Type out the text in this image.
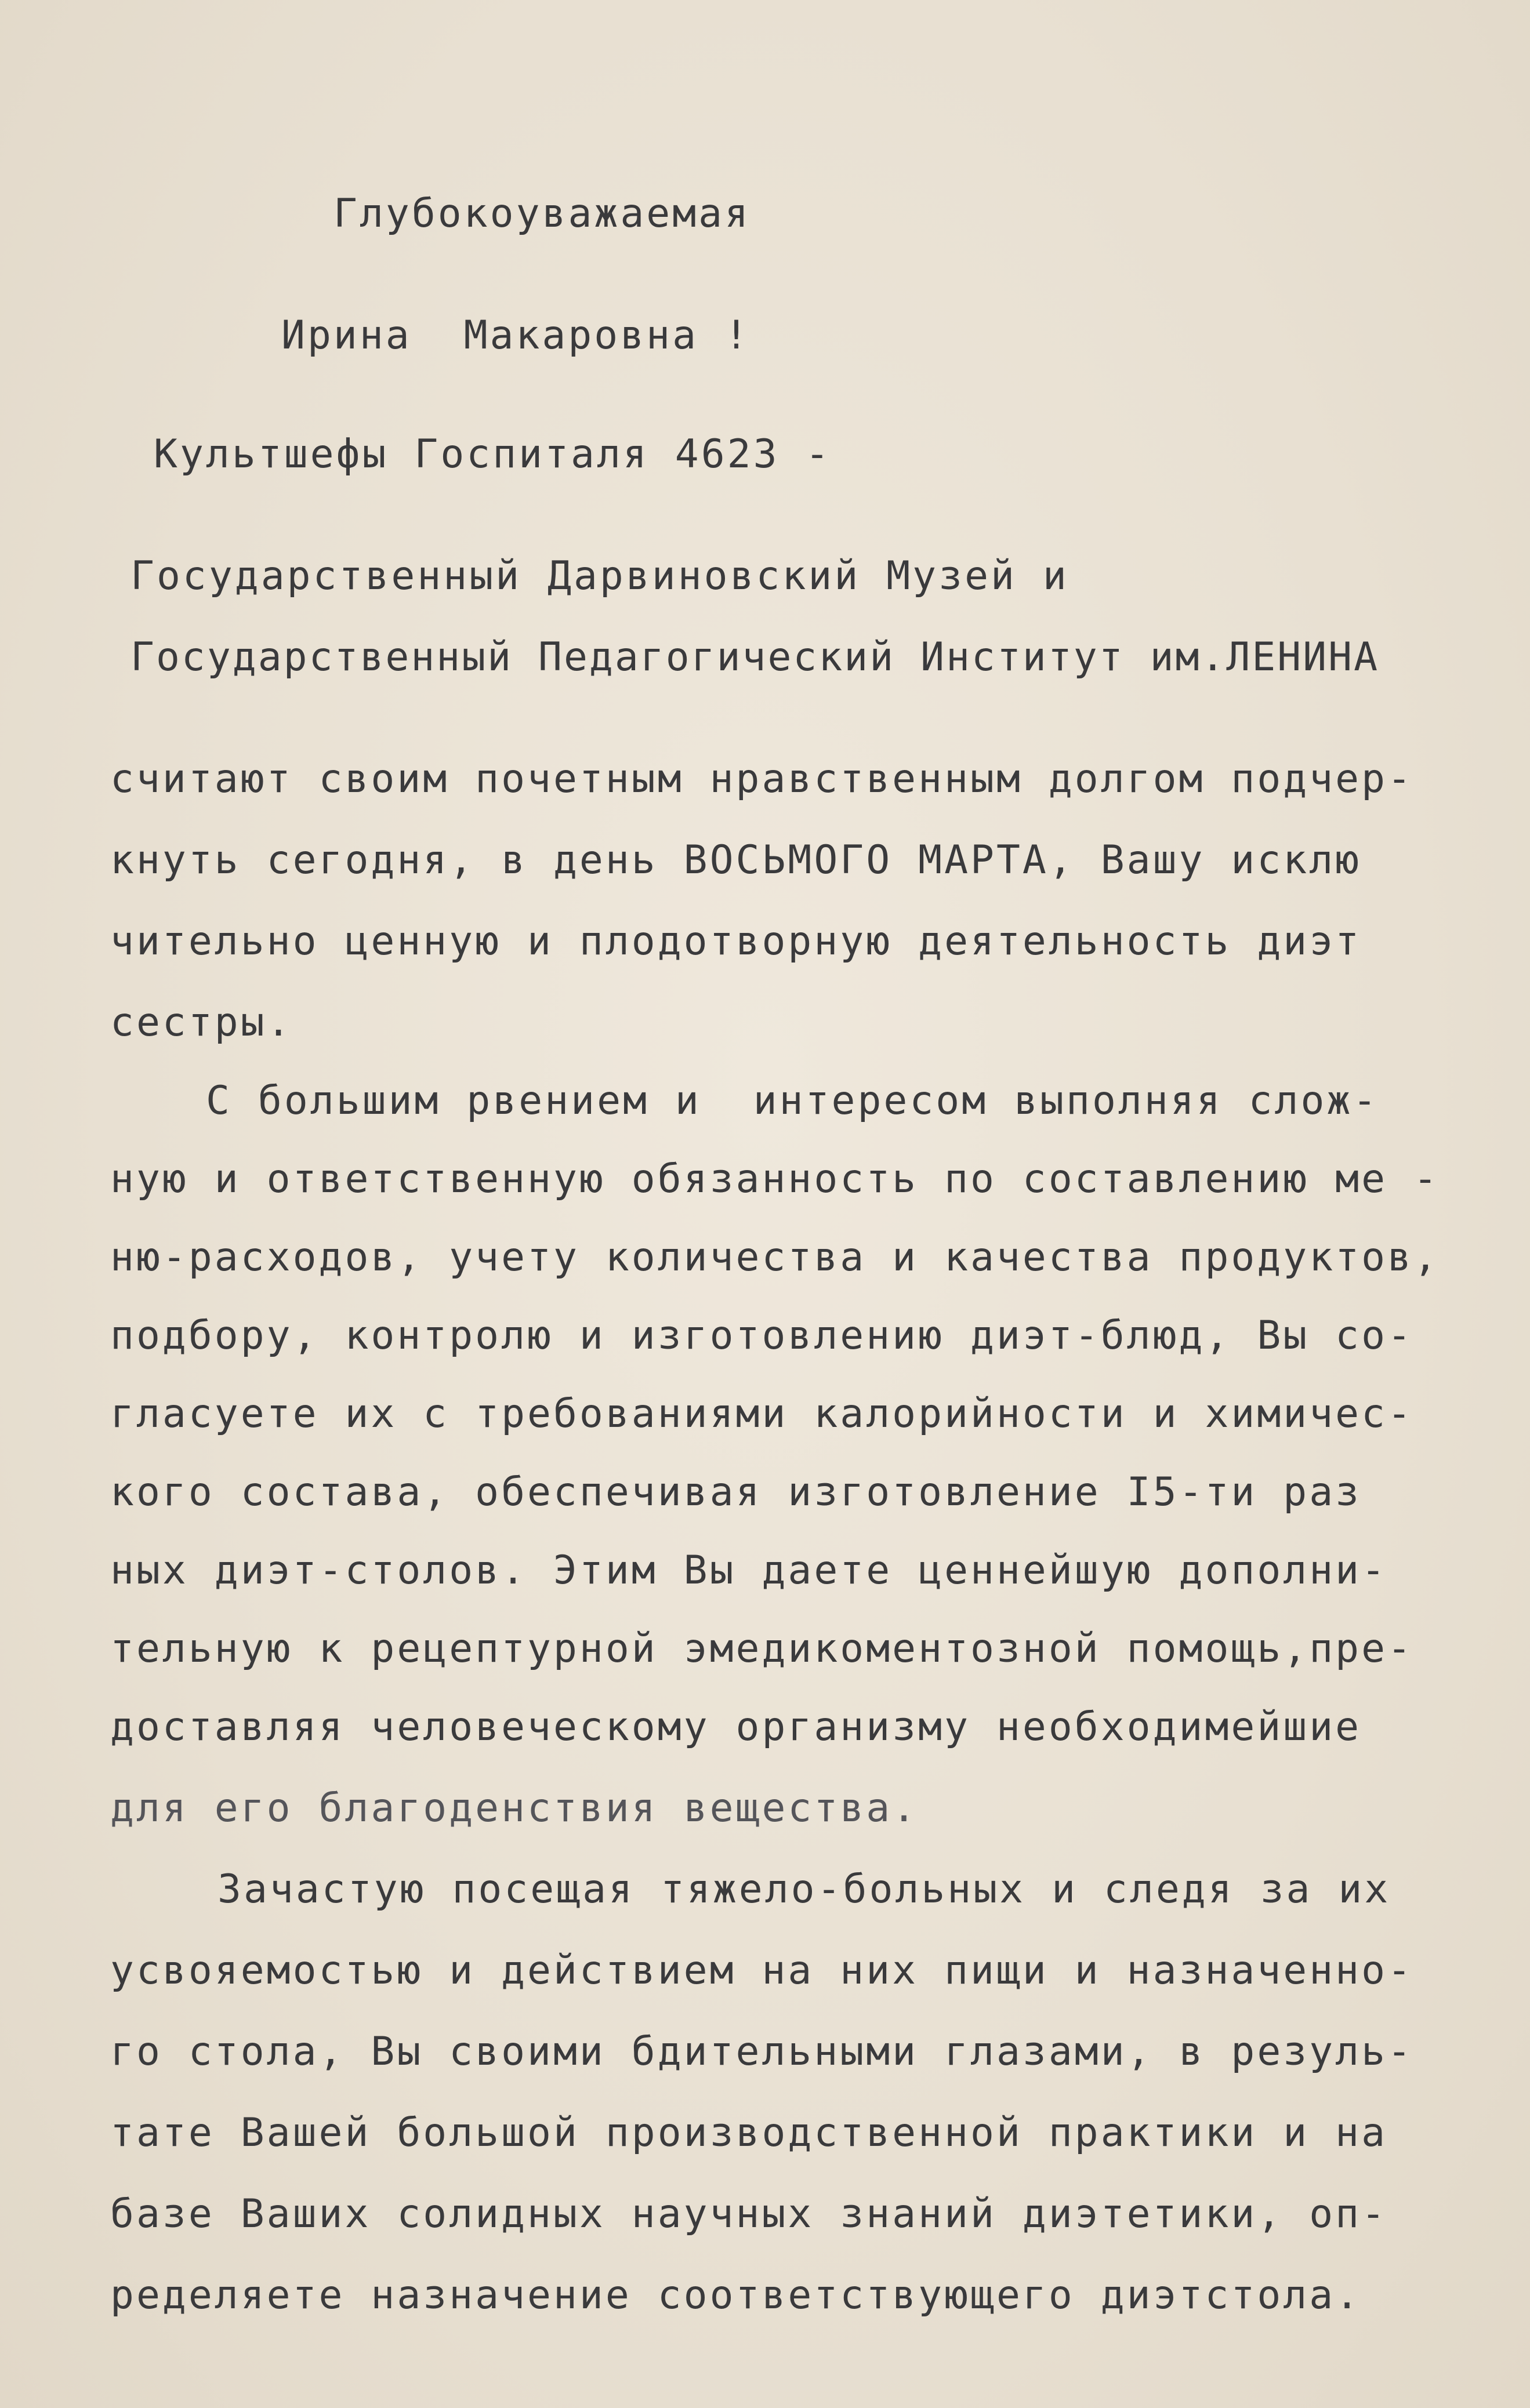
Глубокоуважаемая

Ирина  Макаровна !

Культшефы Госпиталя 4623 -

Государственный Дарвиновский Музей и

Государственный Педагогический Институт им.ЛЕНИНА

считают своим почетным нравственным долгом подчер-

кнуть сегодня, в день ВОСЬМОГО МАРТА, Вашу исклю

чительно ценную и плодотворную деятельность диэт

сестры.

С большим рвением и  интересом выполняя слож-

ную и ответственную обязанность по составлению ме -

ню-расходов, учету количества и качества продуктов,

подбору, контролю и изготовлению диэт-блюд, Вы со-

гласуете их с требованиями калорийности и химичес-

кого состава, обеспечивая изготовление I5-ти раз

ных диэт-столов. Этим Вы даете ценнейшую дополни-

тельную к рецептурной эмедикоментозной помощь,пре-

доставляя человеческому организму необходимейшие

для его благоденствия вещества.

Зачастую посещая тяжело-больных и следя за их

усвояемостью и действием на них пищи и назначенно-

го стола, Вы своими бдительными глазами, в резуль-

тате Вашей большой производственной практики и на

базе Ваших солидных научных знаний диэтетики, оп-

ределяете назначение соответствующего диэтстола.
